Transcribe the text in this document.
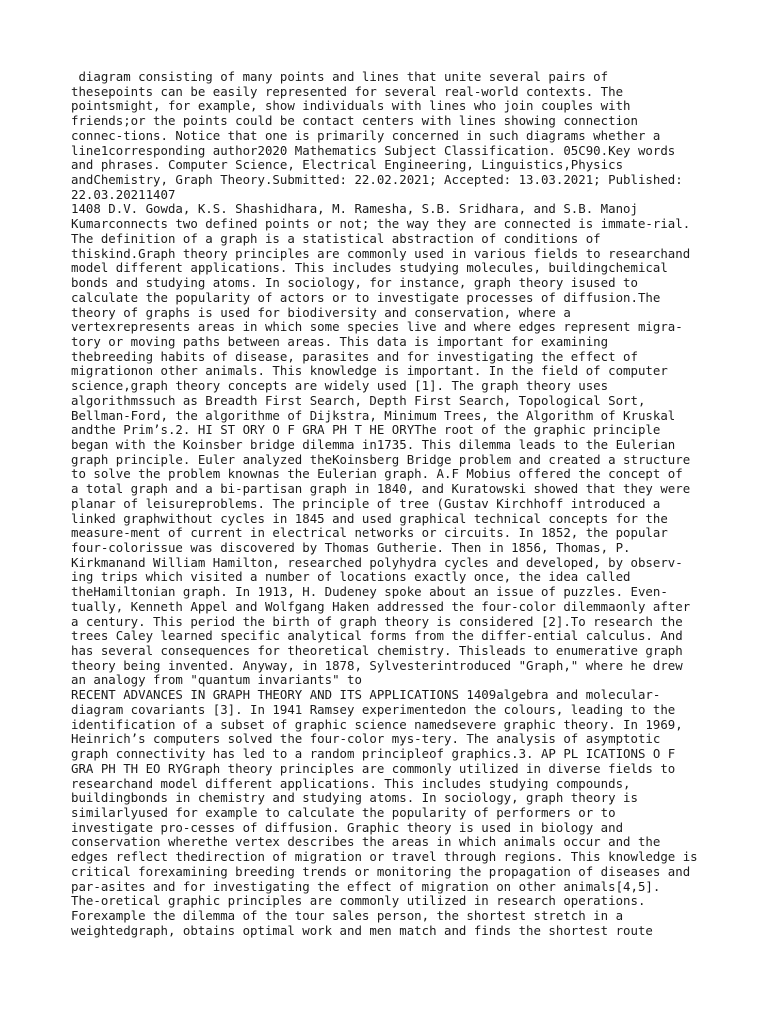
diagram consisting of many points and lines that unite several pairs of
thesepoints can be easily represented for several real-world contexts. The
pointsmight, for example, show individuals with lines who join couples with
friends;or the points could be contact centers with lines showing connection
connec-tions. Notice that one is primarily concerned in such diagrams whether a
line1corresponding author2020 Mathematics Subject Classification. 05C90.Key words
and phrases. Computer Science, Electrical Engineering, Linguistics,Physics
andChemistry, Graph Theory.Submitted: 22.02.2021; Accepted: 13.03.2021; Published:
22.03.20211407
1408 D.V. Gowda, K.S. Shashidhara, M. Ramesha, S.B. Sridhara, and S.B. Manoj
Kumarconnects two defined points or not; the way they are connected is immate-rial.
The definition of a graph is a statistical abstraction of conditions of
thiskind.Graph theory principles are commonly used in various fields to researchand
model different applications. This includes studying molecules, buildingchemical
bonds and studying atoms. In sociology, for instance, graph theory isused to
calculate the popularity of actors or to investigate processes of diffusion.The
theory of graphs is used for biodiversity and conservation, where a
vertexrepresents areas in which some species live and where edges represent migra-
tory or moving paths between areas. This data is important for examining
thebreeding habits of disease, parasites and for investigating the effect of
migrationon other animals. This knowledge is important. In the field of computer
science,graph theory concepts are widely used [1]. The graph theory uses
algorithmssuch as Breadth First Search, Depth First Search, Topological Sort,
Bellman-Ford, the algorithme of Dijkstra, Minimum Trees, the Algorithm of Kruskal
andthe Prim’s.2. HI ST ORY O F GRA PH T HE ORYThe root of the graphic principle
began with the Koinsber bridge dilemma in1735. This dilemma leads to the Eulerian
graph principle. Euler analyzed theKoinsberg Bridge problem and created a structure
to solve the problem knownas the Eulerian graph. A.F Mobius offered the concept of
a total graph and a bi-partisan graph in 1840, and Kuratowski showed that they were
planar of leisureproblems. The principle of tree (Gustav Kirchhoff introduced a
linked graphwithout cycles in 1845 and used graphical technical concepts for the
measure-ment of current in electrical networks or circuits. In 1852, the popular
four-colorissue was discovered by Thomas Gutherie. Then in 1856, Thomas, P.
Kirkmanand William Hamilton, researched polyhydra cycles and developed, by observ-
ing trips which visited a number of locations exactly once, the idea called
theHamiltonian graph. In 1913, H. Dudeney spoke about an issue of puzzles. Even-
tually, Kenneth Appel and Wolfgang Haken addressed the four-color dilemmaonly after
a century. This period the birth of graph theory is considered [2].To research the
trees Caley learned specific analytical forms from the differ-ential calculus. And
has several consequences for theoretical chemistry. Thisleads to enumerative graph
theory being invented. Anyway, in 1878, Sylvesterintroduced "Graph," where he drew
an analogy from "quantum invariants" to
RECENT ADVANCES IN GRAPH THEORY AND ITS APPLICATIONS 1409algebra and molecular-
diagram covariants [3]. In 1941 Ramsey experimentedon the colours, leading to the
identification of a subset of graphic science namedsevere graphic theory. In 1969,
Heinrich’s computers solved the four-color mys-tery. The analysis of asymptotic
graph connectivity has led to a random principleof graphics.3. AP PL ICATIONS O F
GRA PH TH EO RYGraph theory principles are commonly utilized in diverse fields to
researchand model different applications. This includes studying compounds,
buildingbonds in chemistry and studying atoms. In sociology, graph theory is
similarlyused for example to calculate the popularity of performers or to
investigate pro-cesses of diffusion. Graphic theory is used in biology and
conservation wherethe vertex describes the areas in which animals occur and the
edges reflect thedirection of migration or travel through regions. This knowledge is
critical forexamining breeding trends or monitoring the propagation of diseases and
par-asites and for investigating the effect of migration on other animals[4,5].
The-oretical graphic principles are commonly utilized in research operations.
Forexample the dilemma of the tour sales person, the shortest stretch in a
weightedgraph, obtains optimal work and men match and finds the shortest route
